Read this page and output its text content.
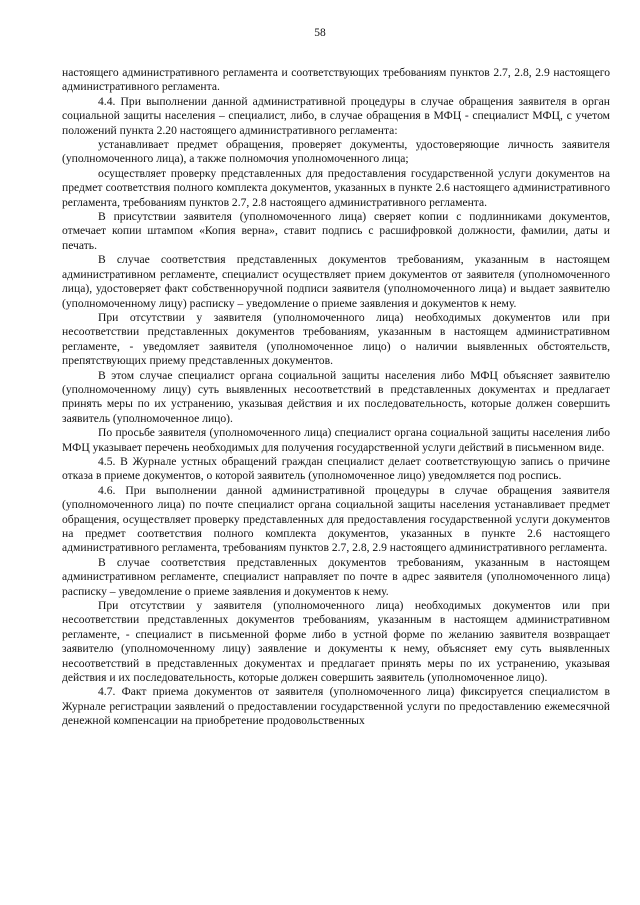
58

настоящего административного регламента и соответствующих требованиям пунктов 2.7, 2.8, 2.9 настоящего административного регламента.

4.4. При выполнении данной административной процедуры в случае обращения заявителя в орган социальной защиты населения – специалист, либо, в случае обращения в МФЦ - специалист МФЦ, с учетом положений пункта 2.20 настоящего административного регламента:

устанавливает предмет обращения, проверяет документы, удостоверяющие личность заявителя (уполномоченного лица), а также полномочия уполномоченного лица;

осуществляет проверку представленных для предоставления государственной услуги документов на предмет соответствия полного комплекта документов, указанных в пункте 2.6 настоящего административного регламента, требованиям пунктов 2.7, 2.8 настоящего административного регламента.

В присутствии заявителя (уполномоченного лица) сверяет копии с подлинниками документов, отмечает копии штампом «Копия верна», ставит подпись с расшифровкой должности, фамилии, даты и печать.

В случае соответствия представленных документов требованиям, указанным в настоящем административном регламенте, специалист осуществляет прием документов от заявителя (уполномоченного лица), удостоверяет факт собственноручной подписи заявителя (уполномоченного лица) и выдает заявителю (уполномоченному лицу) расписку – уведомление о приеме заявления и документов к нему.

При отсутствии у заявителя (уполномоченного лица) необходимых документов или при несоответствии представленных документов требованиям, указанным в настоящем административном регламенте, - уведомляет заявителя (уполномоченное лицо) о наличии выявленных обстоятельств, препятствующих приему представленных документов.

В этом случае специалист органа социальной защиты населения либо МФЦ объясняет заявителю (уполномоченному лицу) суть выявленных несоответствий в представленных документах и предлагает принять меры по их устранению, указывая действия и их последовательность, которые должен совершить заявитель (уполномоченное лицо).

По просьбе заявителя (уполномоченного лица) специалист органа социальной защиты населения либо МФЦ указывает перечень необходимых для получения государственной услуги действий в письменном виде.

4.5. В Журнале устных обращений граждан специалист делает соответствующую запись о причине отказа в приеме документов, о которой заявитель (уполномоченное лицо) уведомляется под роспись.

4.6. При выполнении данной административной процедуры в случае обращения заявителя (уполномоченного лица) по почте специалист органа социальной защиты населения устанавливает предмет обращения, осуществляет проверку представленных для предоставления государственной услуги документов на предмет соответствия полного комплекта документов, указанных в пункте 2.6 настоящего административного регламента, требованиям пунктов 2.7, 2.8, 2.9 настоящего административного регламента.

В случае соответствия представленных документов требованиям, указанным в настоящем административном регламенте, специалист направляет по почте в адрес заявителя (уполномоченного лица) расписку – уведомление о приеме заявления и документов к нему.

При отсутствии у заявителя (уполномоченного лица) необходимых документов или при несоответствии представленных документов требованиям, указанным в настоящем административном регламенте, - специалист в письменной форме либо в устной форме по желанию заявителя возвращает заявителю (уполномоченному лицу) заявление и документы к нему, объясняет ему суть выявленных несоответствий в представленных документах и предлагает принять меры по их устранению, указывая действия и их последовательность, которые должен совершить заявитель (уполномоченное лицо).

4.7. Факт приема документов от заявителя (уполномоченного лица) фиксируется специалистом в Журнале регистрации заявлений о предоставлении государственной услуги по предоставлению ежемесячной денежной компенсации на приобретение продовольственных
